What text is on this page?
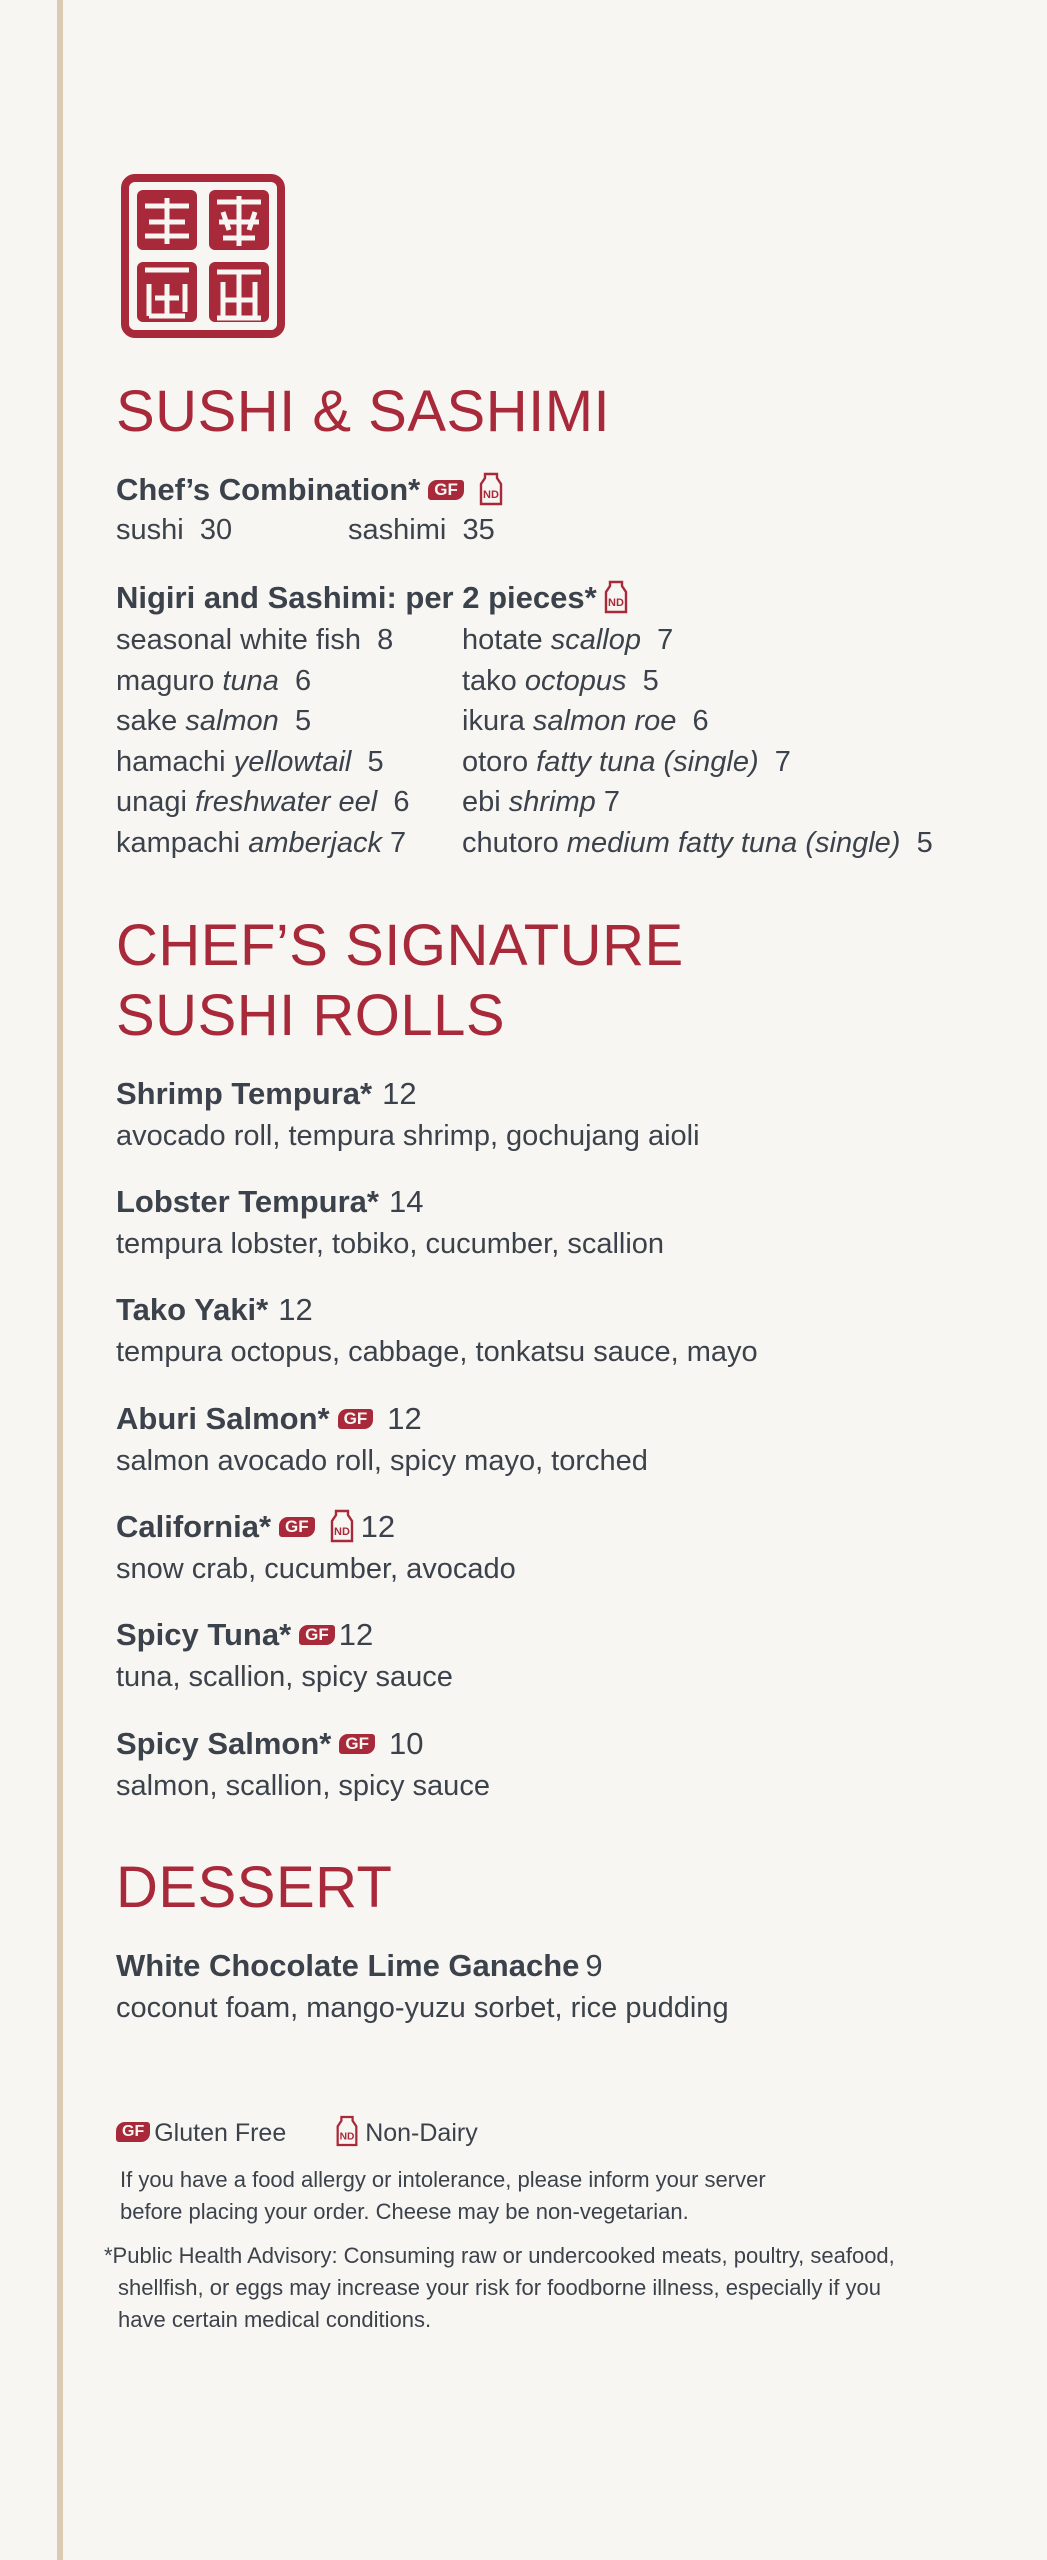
SUSHI & SASHIMI
Chef’s Combination* GF ND
sushi 30	sashimi 35
Nigiri and Sashimi: per 2 pieces* ND
seasonal white fish 8
maguro tuna 6
sake salmon 5
hamachi yellowtail 5
unagi freshwater eel 6
kampachi amberjack 7
hotate scallop 7
tako octopus 5
ikura salmon roe 6
otoro fatty tuna (single) 7
ebi shrimp 7
chutoro medium fatty tuna (single) 5
CHEF’S SIGNATURE
SUSHI ROLLS
Shrimp Tempura* 12
avocado roll, tempura shrimp, gochujang aioli
Lobster Tempura* 14
tempura lobster, tobiko, cucumber, scallion
Tako Yaki* 12
tempura octopus, cabbage, tonkatsu sauce, mayo
Aburi Salmon* GF 12
salmon avocado roll, spicy mayo, torched
California* GF ND 12
snow crab, cucumber, avocado
Spicy Tuna* GF 12
tuna, scallion, spicy sauce
Spicy Salmon* GF 10
salmon, scallion, spicy sauce
DESSERT
White Chocolate Lime Ganache 9
coconut foam, mango-yuzu sorbet, rice pudding
GF Gluten Free	ND Non-Dairy
If you have a food allergy or intolerance, please inform your server
before placing your order. Cheese may be non-vegetarian.
*Public Health Advisory: Consuming raw or undercooked meats, poultry, seafood,
shellfish, or eggs may increase your risk for foodborne illness, especially if you
have certain medical conditions.
